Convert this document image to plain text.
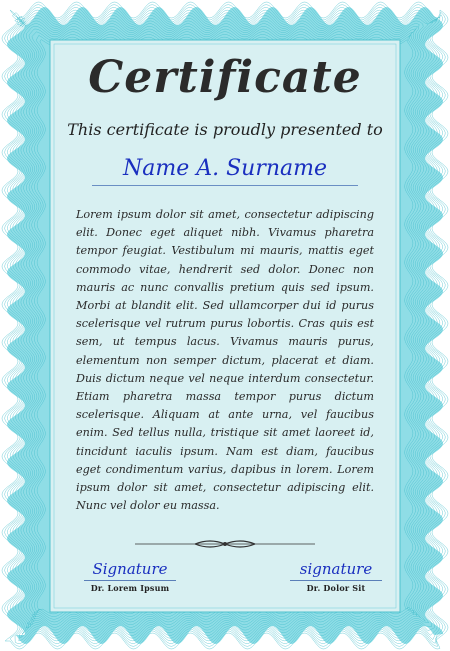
Certificate
This certificate is proudly presented to
Name A. Surname
Lorem ipsum dolor sit amet, consectetur adipiscing elit. Donec eget aliquet nibh. Vivamus pharetra tempor feugiat. Vestibulum mi mauris, mattis eget commodo vitae, hendrerit sed dolor. Donec non mauris ac nunc convallis pretium quis sed ipsum. Morbi at blandit elit. Sed ullamcorper dui id purus scelerisque vel rutrum purus lobortis. Cras quis est sem, ut tempus lacus. Vivamus mauris purus, elementum non semper dictum, placerat et diam. Duis dictum neque vel neque interdum consectetur. Etiam pharetra massa tempor purus dictum scelerisque. Aliquam at ante urna, vel faucibus enim. Sed tellus nulla, tristique sit amet laoreet id, tincidunt iaculis ipsum. Nam est diam, faucibus eget condimentum varius, dapibus in lorem. Lorem ipsum dolor sit amet, consectetur adipiscing elit. Nunc vel dolor eu massa.
Signature
Dr. Lorem Ipsum
signature
Dr. Dolor Sit
